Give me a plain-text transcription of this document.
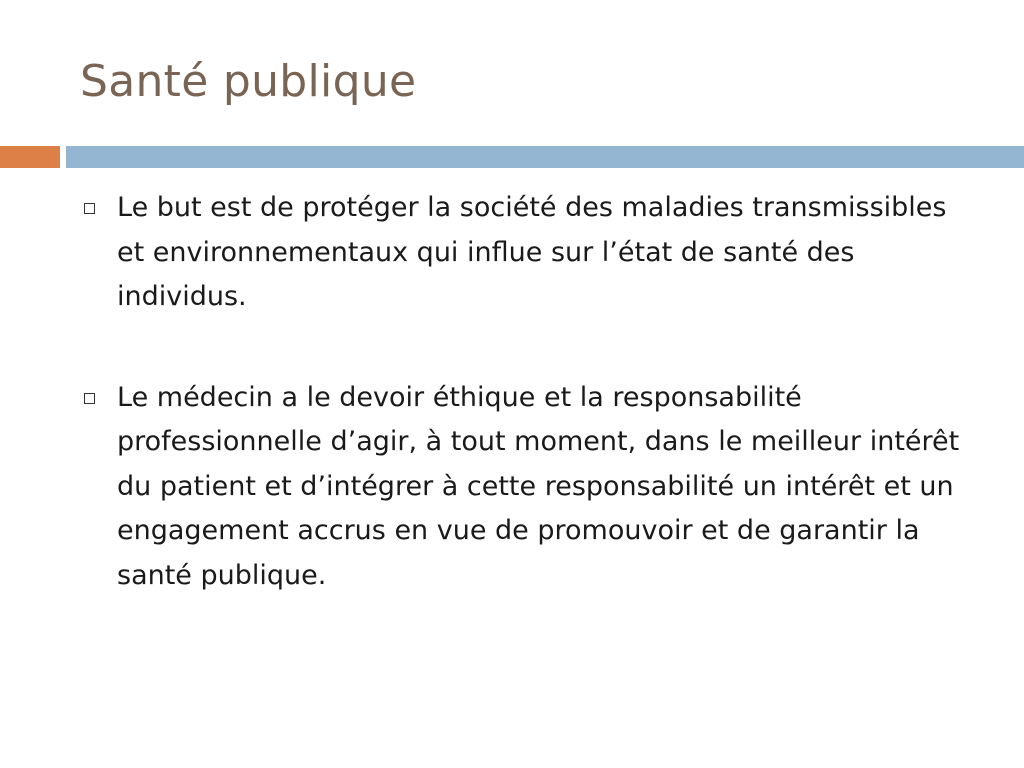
Santé publique
Le but est de protéger la société des maladies transmissibles et environnementaux qui influe sur l’état de santé des individus.
Le médecin a le devoir éthique et la responsabilité professionnelle d’agir, à tout moment, dans le meilleur intérêt du patient et d’intégrer à cette responsabilité un intérêt et un engagement accrus en vue de promouvoir et de garantir la santé publique.
